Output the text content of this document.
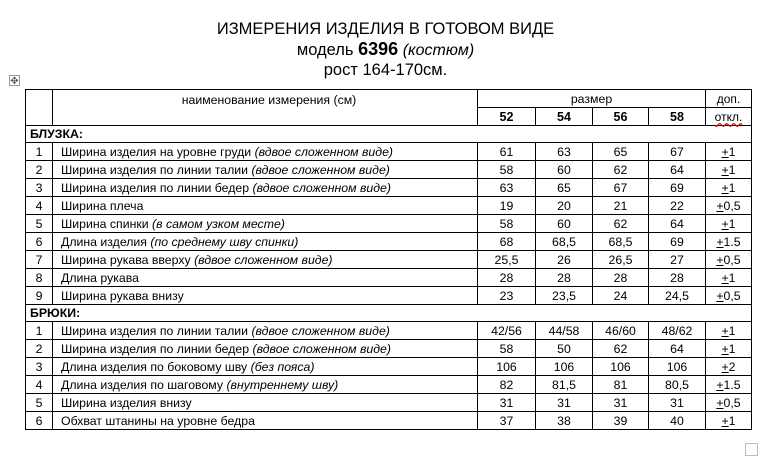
ИЗМЕРЕНИЯ ИЗДЕЛИЯ В ГОТОВОМ ВИДЕ
модель 6396 (костюм)
рост 164-170см.
✥
	наименование измерения (см)	размер				доп.
		52	54	56	58	откл.
БЛУЗКА:						
1	Ширина изделия на уровне груди (вдвое сложенном виде)	61	63	65	67	+1
2	Ширина изделия по линии талии (вдвое сложенном виде)	58	60	62	64	+1
3	Ширина изделия по линии бедер (вдвое сложенном виде)	63	65	67	69	+1
4	Ширина плеча	19	20	21	22	+0,5
5	Ширина спинки (в самом узком месте)	58	60	62	64	+1
6	Длина изделия (по среднему шву спинки)	68	68,5	68,5	69	+1.5
7	Ширина рукава вверху (вдвое сложенном виде)	25,5	26	26,5	27	+0,5
8	Длина рукава	28	28	28	28	+1
9	Ширина рукава внизу	23	23,5	24	24,5	+0,5
БРЮКИ:						
1	Ширина изделия по линии талии (вдвое сложенном виде)	42/56	44/58	46/60	48/62	+1
2	Ширина изделия по линии бедер (вдвое сложенном виде)	58	50	62	64	+1
3	Длина изделия по боковому шву (без пояса)	106	106	106	106	+2
4	Длина изделия по шаговому (внутреннему шву)	82	81,5	81	80,5	+1.5
5	Ширина изделия внизу	31	31	31	31	+0,5
6	Обхват штанины на уровне бедра	37	38	39	40	+1
